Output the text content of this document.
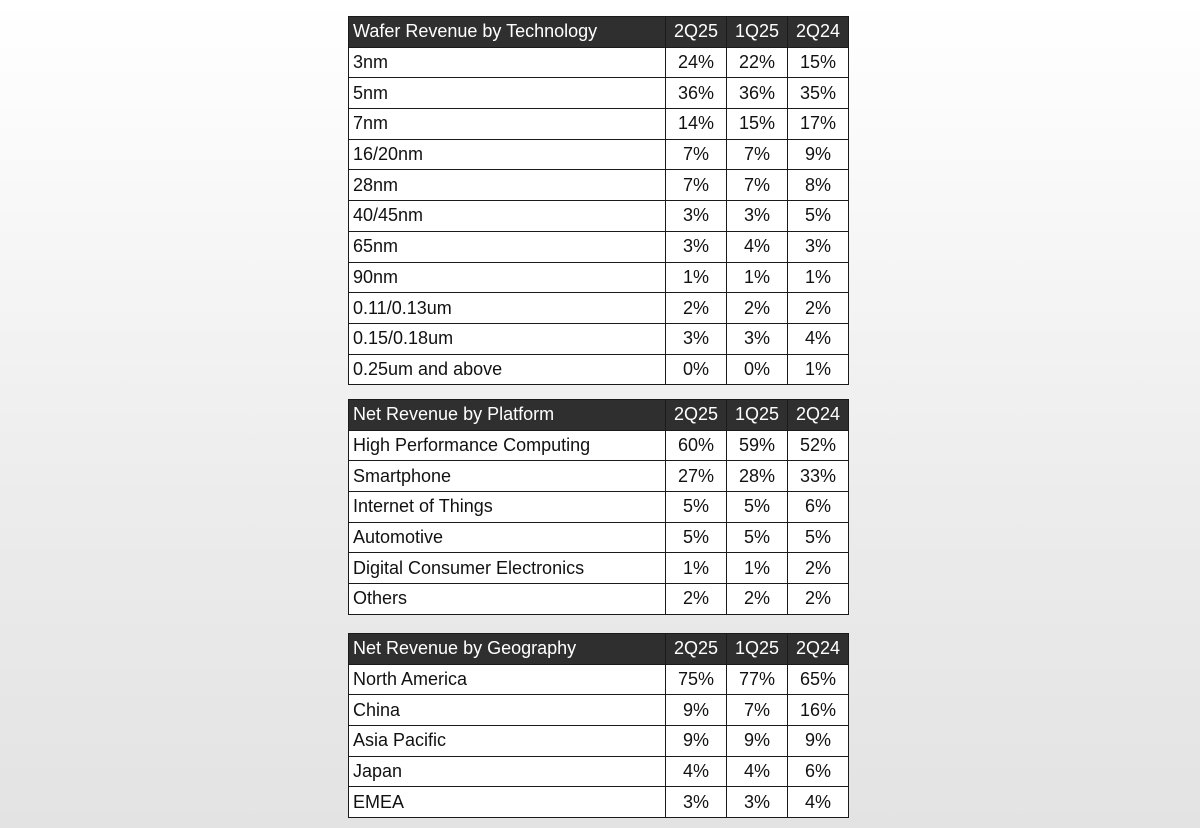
Wafer Revenue by Technology	2Q25	1Q25	2Q24
3nm	24%	22%	15%
5nm	36%	36%	35%
7nm	14%	15%	17%
16/20nm	7%	7%	9%
28nm	7%	7%	8%
40/45nm	3%	3%	5%
65nm	3%	4%	3%
90nm	1%	1%	1%
0.11/0.13um	2%	2%	2%
0.15/0.18um	3%	3%	4%
0.25um and above	0%	0%	1%
Net Revenue by Platform	2Q25	1Q25	2Q24
High Performance Computing	60%	59%	52%
Smartphone	27%	28%	33%
Internet of Things	5%	5%	6%
Automotive	5%	5%	5%
Digital Consumer Electronics	1%	1%	2%
Others	2%	2%	2%
Net Revenue by Geography	2Q25	1Q25	2Q24
North America	75%	77%	65%
China	9%	7%	16%
Asia Pacific	9%	9%	9%
Japan	4%	4%	6%
EMEA	3%	3%	4%
